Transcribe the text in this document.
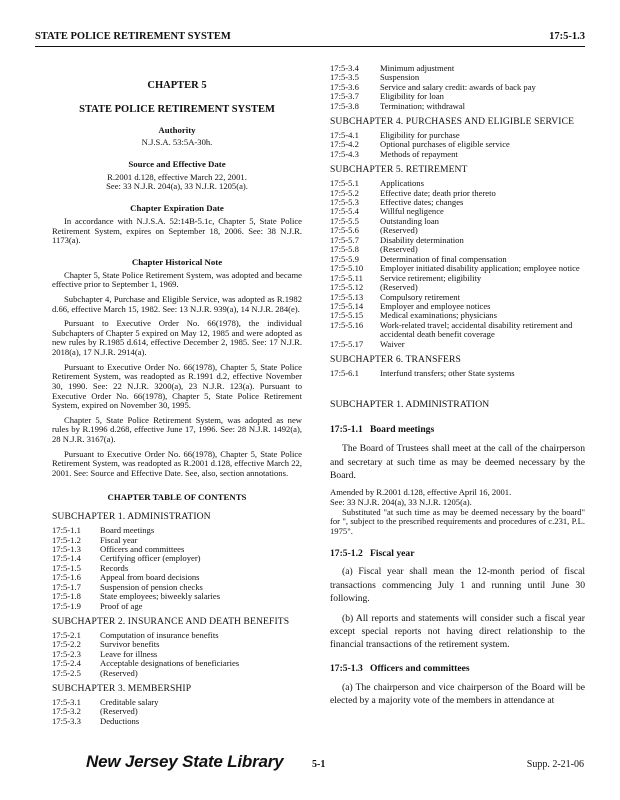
STATE POLICE RETIREMENT SYSTEM	17:5-1.3
CHAPTER 5
STATE POLICE RETIREMENT SYSTEM
Authority
N.J.S.A. 53:5A-30h.
Source and Effective Date
R.2001 d.128, effective March 22, 2001.
See: 33 N.J.R. 204(a), 33 N.J.R. 1205(a).
Chapter Expiration Date

In accordance with N.J.S.A. 52:14B-5.1c, Chapter 5, State Police Retirement System, expires on September 18, 2006. See: 38 N.J.R. 1173(a).

Chapter Historical Note

Chapter 5, State Police Retirement System, was adopted and became effective prior to September 1, 1969.

Subchapter 4, Purchase and Eligible Service, was adopted as R.1982 d.66, effective March 15, 1982. See: 13 N.J.R. 939(a), 14 N.J.R. 284(e).

Pursuant to Executive Order No. 66(1978), the individual Subchapters of Chapter 5 expired on May 12, 1985 and were adopted as new rules by R.1985 d.614, effective December 2, 1985. See: 17 N.J.R. 2018(a), 17 N.J.R. 2914(a).

Pursuant to Executive Order No. 66(1978), Chapter 5, State Police Retirement System, was readopted as R.1991 d.2, effective November 30, 1990. See: 22 N.J.R. 3200(a), 23 N.J.R. 123(a). Pursuant to Executive Order No. 66(1978), Chapter 5, State Police Retirement System, expired on November 30, 1995.

Chapter 5, State Police Retirement System, was adopted as new rules by R.1996 d.268, effective June 17, 1996. See: 28 N.J.R. 1492(a), 28 N.J.R. 3167(a).

Pursuant to Executive Order No. 66(1978), Chapter 5, State Police Retirement System, was readopted as R.2001 d.128, effective March 22, 2001. See: Source and Effective Date. See, also, section annotations.

CHAPTER TABLE OF CONTENTS
SUBCHAPTER 1. ADMINISTRATION
17:5-1.1	Board meetings
17:5-1.2	Fiscal year
17:5-1.3	Officers and committees
17:5-1.4	Certifying officer (employer)
17:5-1.5	Records
17:5-1.6	Appeal from board decisions
17:5-1.7	Suspension of pension checks
17:5-1.8	State employees; biweekly salaries
17:5-1.9	Proof of age
SUBCHAPTER 2. INSURANCE AND DEATH BENEFITS
17:5-2.1	Computation of insurance benefits
17:5-2.2	Survivor benefits
17:5-2.3	Leave for illness
17:5-2.4	Acceptable designations of beneficiaries
17:5-2.5	(Reserved)
SUBCHAPTER 3. MEMBERSHIP
17:5-3.1	Creditable salary
17:5-3.2	(Reserved)
17:5-3.3	Deductions
17:5-3.4	Minimum adjustment
17:5-3.5	Suspension
17:5-3.6	Service and salary credit: awards of back pay
17:5-3.7	Eligibility for loan
17:5-3.8	Termination; withdrawal
SUBCHAPTER 4. PURCHASES AND ELIGIBLE SERVICE
17:5-4.1	Eligibility for purchase
17:5-4.2	Optional purchases of eligible service
17:5-4.3	Methods of repayment
SUBCHAPTER 5. RETIREMENT
17:5-5.1	Applications
17:5-5.2	Effective date; death prior thereto
17:5-5.3	Effective dates; changes
17:5-5.4	Willful negligence
17:5-5.5	Outstanding loan
17:5-5.6	(Reserved)
17:5-5.7	Disability determination
17:5-5.8	(Reserved)
17:5-5.9	Determination of final compensation
17:5-5.10	Employer initiated disability application; employee notice
17:5-5.11	Service retirement; eligibility
17:5-5.12	(Reserved)
17:5-5.13	Compulsory retirement
17:5-5.14	Employer and employee notices
17:5-5.15	Medical examinations; physicians
17:5-5.16	Work-related travel; accidental disability retirement and accidental death benefit coverage
17:5-5.17	Waiver
SUBCHAPTER 6. TRANSFERS
17:5-6.1	Interfund transfers; other State systems
SUBCHAPTER 1. ADMINISTRATION
17:5-1.1 Board meetings

The Board of Trustees shall meet at the call of the chairperson and secretary at such time as may be deemed necessary by the Board.

Amended by R.2001 d.128, effective April 16, 2001.
See: 33 N.J.R. 204(a), 33 N.J.R. 1205(a).

Substituted "at such time as may be deemed necessary by the board" for ", subject to the prescribed requirements and procedures of c.231, P.L. 1975".

17:5-1.2 Fiscal year

(a) Fiscal year shall mean the 12-month period of fiscal transactions commencing July 1 and running until June 30 following.

(b) All reports and statements will consider such a fiscal year except special reports not having direct relationship to the financial transactions of the retirement system.

17:5-1.3 Officers and committees

(a) The chairperson and vice chairperson of the Board will be elected by a majority vote of the members in attendance at

New Jersey State Library	5-1	Supp. 2-21-06
